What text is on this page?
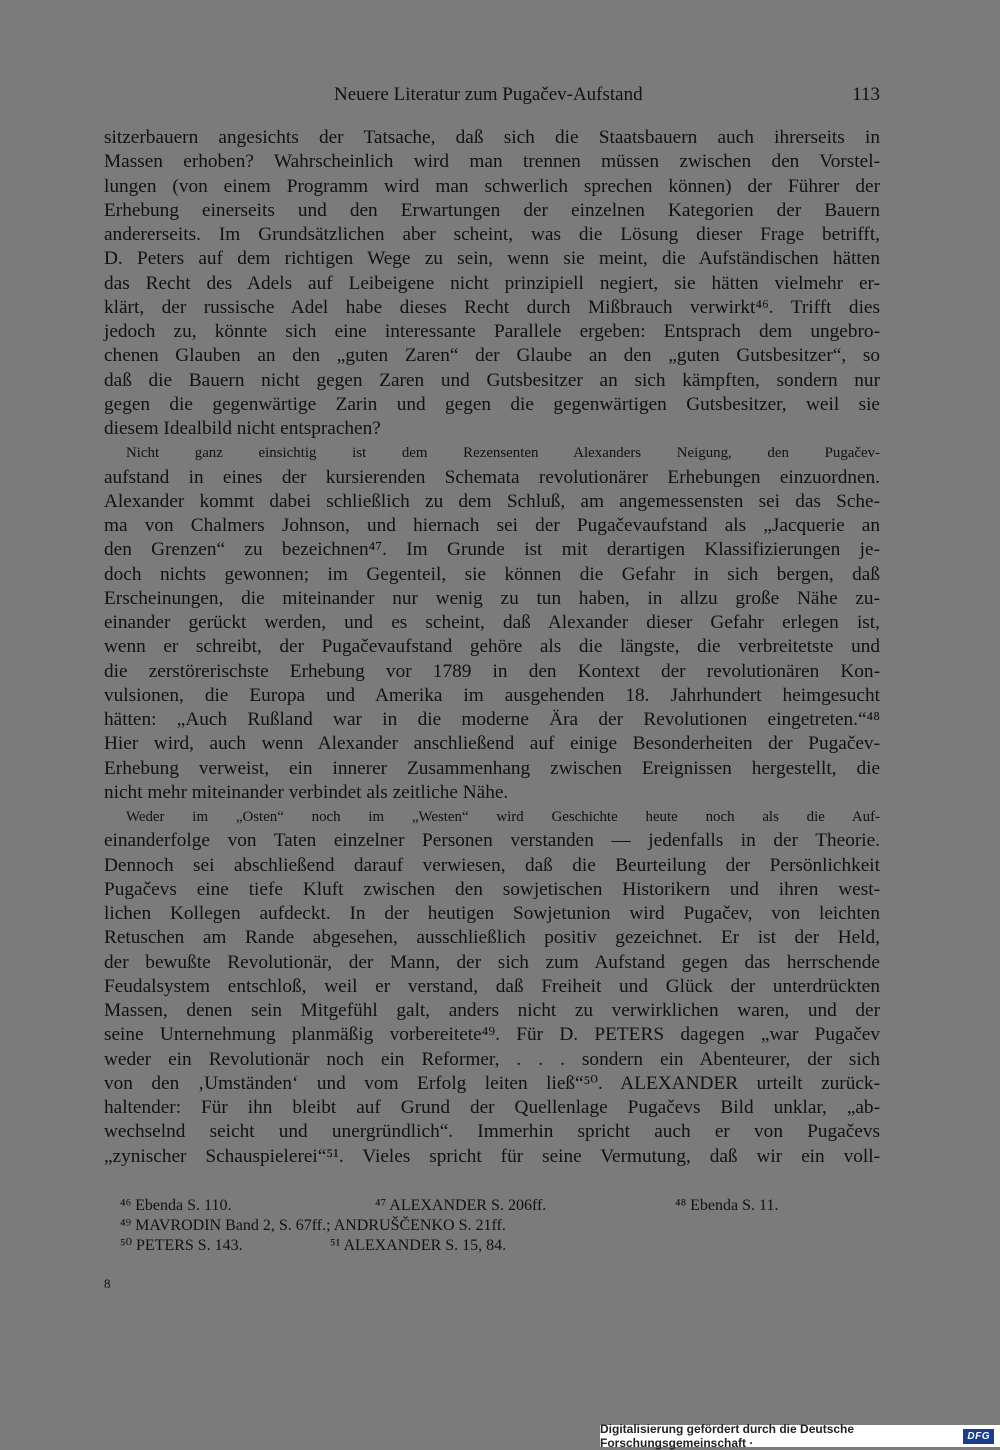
Neuere Literatur zum Pugačev-Aufstand	113
sitzerbauern angesichts der Tatsache, daß sich die Staatsbauern auch ihrerseits in
Massen erhoben? Wahrscheinlich wird man trennen müssen zwischen den Vorstel-
lungen (von einem Programm wird man schwerlich sprechen können) der Führer der
Erhebung einerseits und den Erwartungen der einzelnen Kategorien der Bauern
andererseits. Im Grundsätzlichen aber scheint, was die Lösung dieser Frage betrifft,
D. Peters auf dem richtigen Wege zu sein, wenn sie meint, die Aufständischen hätten
das Recht des Adels auf Leibeigene nicht prinzipiell negiert, sie hätten vielmehr er-
klärt, der russische Adel habe dieses Recht durch Mißbrauch verwirkt⁴⁶. Trifft dies
jedoch zu, könnte sich eine interessante Parallele ergeben: Entsprach dem ungebro-
chenen Glauben an den „guten Zaren“ der Glaube an den „guten Gutsbesitzer“, so
daß die Bauern nicht gegen Zaren und Gutsbesitzer an sich kämpften, sondern nur
gegen die gegenwärtige Zarin und gegen die gegenwärtigen Gutsbesitzer, weil sie
diesem Idealbild nicht entsprachen?
Nicht ganz einsichtig ist dem Rezensenten Alexanders Neigung, den Pugačev-
aufstand in eines der kursierenden Schemata revolutionärer Erhebungen einzuordnen.
Alexander kommt dabei schließlich zu dem Schluß, am angemessensten sei das Sche-
ma von Chalmers Johnson, und hiernach sei der Pugačevaufstand als „Jacquerie an
den Grenzen“ zu bezeichnen⁴⁷. Im Grunde ist mit derartigen Klassifizierungen je-
doch nichts gewonnen; im Gegenteil, sie können die Gefahr in sich bergen, daß
Erscheinungen, die miteinander nur wenig zu tun haben, in allzu große Nähe zu-
einander gerückt werden, und es scheint, daß Alexander dieser Gefahr erlegen ist,
wenn er schreibt, der Pugačevaufstand gehöre als die längste, die verbreitetste und
die zerstörerischste Erhebung vor 1789 in den Kontext der revolutionären Kon-
vulsionen, die Europa und Amerika im ausgehenden 18. Jahrhundert heimgesucht
hätten: „Auch Rußland war in die moderne Ära der Revolutionen eingetreten.“⁴⁸
Hier wird, auch wenn Alexander anschließend auf einige Besonderheiten der Pugačev-
Erhebung verweist, ein innerer Zusammenhang zwischen Ereignissen hergestellt, die
nicht mehr miteinander verbindet als zeitliche Nähe.
Weder im „Osten“ noch im „Westen“ wird Geschichte heute noch als die Auf-
einanderfolge von Taten einzelner Personen verstanden — jedenfalls in der Theorie.
Dennoch sei abschließend darauf verwiesen, daß die Beurteilung der Persönlichkeit
Pugačevs eine tiefe Kluft zwischen den sowjetischen Historikern und ihren west-
lichen Kollegen aufdeckt. In der heutigen Sowjetunion wird Pugačev, von leichten
Retuschen am Rande abgesehen, ausschließlich positiv gezeichnet. Er ist der Held,
der bewußte Revolutionär, der Mann, der sich zum Aufstand gegen das herrschende
Feudalsystem entschloß, weil er verstand, daß Freiheit und Glück der unterdrückten
Massen, denen sein Mitgefühl galt, anders nicht zu verwirklichen waren, und der
seine Unternehmung planmäßig vorbereitete⁴⁹. Für D. PETERS dagegen „war Pugačev
weder ein Revolutionär noch ein Reformer, . . . sondern ein Abenteurer, der sich
von den ‚Umständen‘ und vom Erfolg leiten ließ“⁵⁰. ALEXANDER urteilt zurück-
haltender: Für ihn bleibt auf Grund der Quellenlage Pugačevs Bild unklar, „ab-
wechselnd seicht und unergründlich“. Immerhin spricht auch er von Pugačevs
„zynischer Schauspielerei“⁵¹. Vieles spricht für seine Vermutung, daß wir ein voll-
⁴⁶ Ebenda S. 110.	⁴⁷ ALEXANDER S. 206ff.	⁴⁸ Ebenda S. 11.
⁴⁹ MAVRODIN Band 2, S. 67ff.; ANDRUŠČENKO S. 21ff.
⁵⁰ PETERS S. 143.	⁵¹ ALEXANDER S. 15, 84.
8
Digitalisierung gefördert durch die Deutsche Forschungsgemeinschaft ·	DFG
